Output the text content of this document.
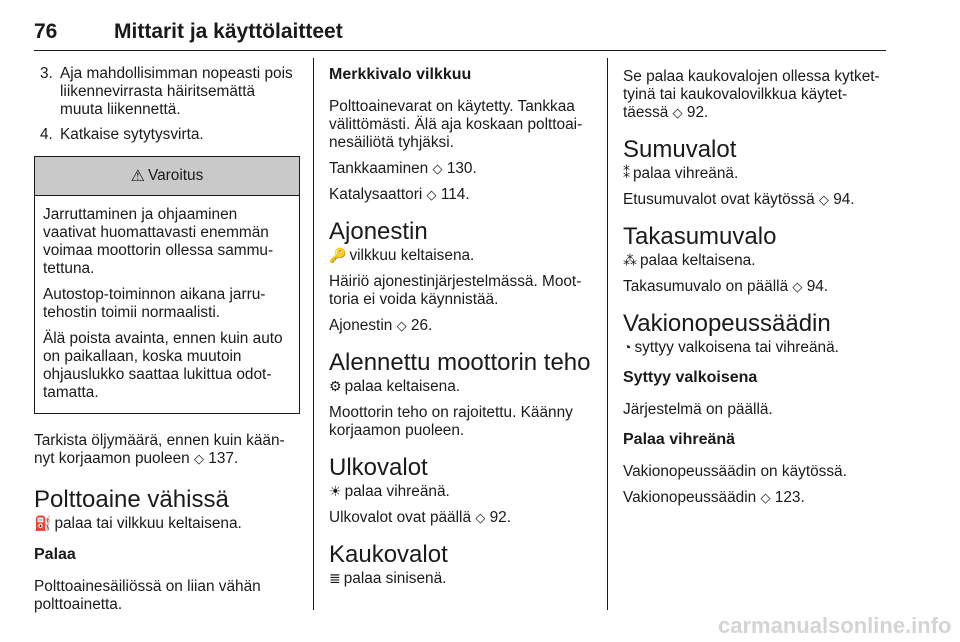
76	Mittarit ja käyttölaitteet
3. Aja mahdollisimman nopeasti pois liikennevirrasta häiritsemättä muuta liikennettä.
4. Katkaise sytytysvirta.
⚠ Varoitus

Jarruttaminen ja ohjaaminen vaativat huomattavasti enemmän voimaa moottorin ollessa sammu-tettuna.

Autostop-toiminnon aikana jarru-tehostin toimii normaalisti.

Älä poista avainta, ennen kuin auto on paikallaan, koska muutoin ohjauslukko saattaa lukittua odot-tamatta.

Tarkista öljymäärä, ennen kuin kään-nyt korjaamon puoleen ◇ 137.

Polttoaine vähissä

⛽ palaa tai vilkkuu keltaisena.

Palaa

Polttoainesäiliössä on liian vähän polttoainetta.

Merkkivalo vilkkuu

Polttoainevarat on käytetty. Tankkaa välittömästi. Älä aja koskaan polttoai-nesäiliötä tyhjäksi.

Tankkaaminen ◇ 130.

Katalysaattori ◇ 114.

Ajonestin

🔑 vilkkuu keltaisena.

Häiriö ajonestinjärjestelmässä. Moot-toria ei voida käynnistää.

Ajonestin ◇ 26.

Alennettu moottorin teho

⚙ palaa keltaisena.

Moottorin teho on rajoitettu. Käänny korjaamon puoleen.

Ulkovalot

☀ palaa vihreänä.

Ulkovalot ovat päällä ◇ 92.

Kaukovalot

≣ palaa sinisenä.

Se palaa kaukovalojen ollessa kytket-tyinä tai kaukovalovilkkua käytet-täessä ◇ 92.

Sumuvalot

⁑ palaa vihreänä.

Etusumuvalot ovat käytössä ◇ 94.

Takasumuvalo

⁂ palaa keltaisena.

Takasumuvalo on päällä ◇ 94.

Vakionopeussäädin

◔ syttyy valkoisena tai vihreänä.

Syttyy valkoisena

Järjestelmä on päällä.

Palaa vihreänä

Vakionopeussäädin on käytössä.

Vakionopeussäädin ◇ 123.

carmanualsonline.info
